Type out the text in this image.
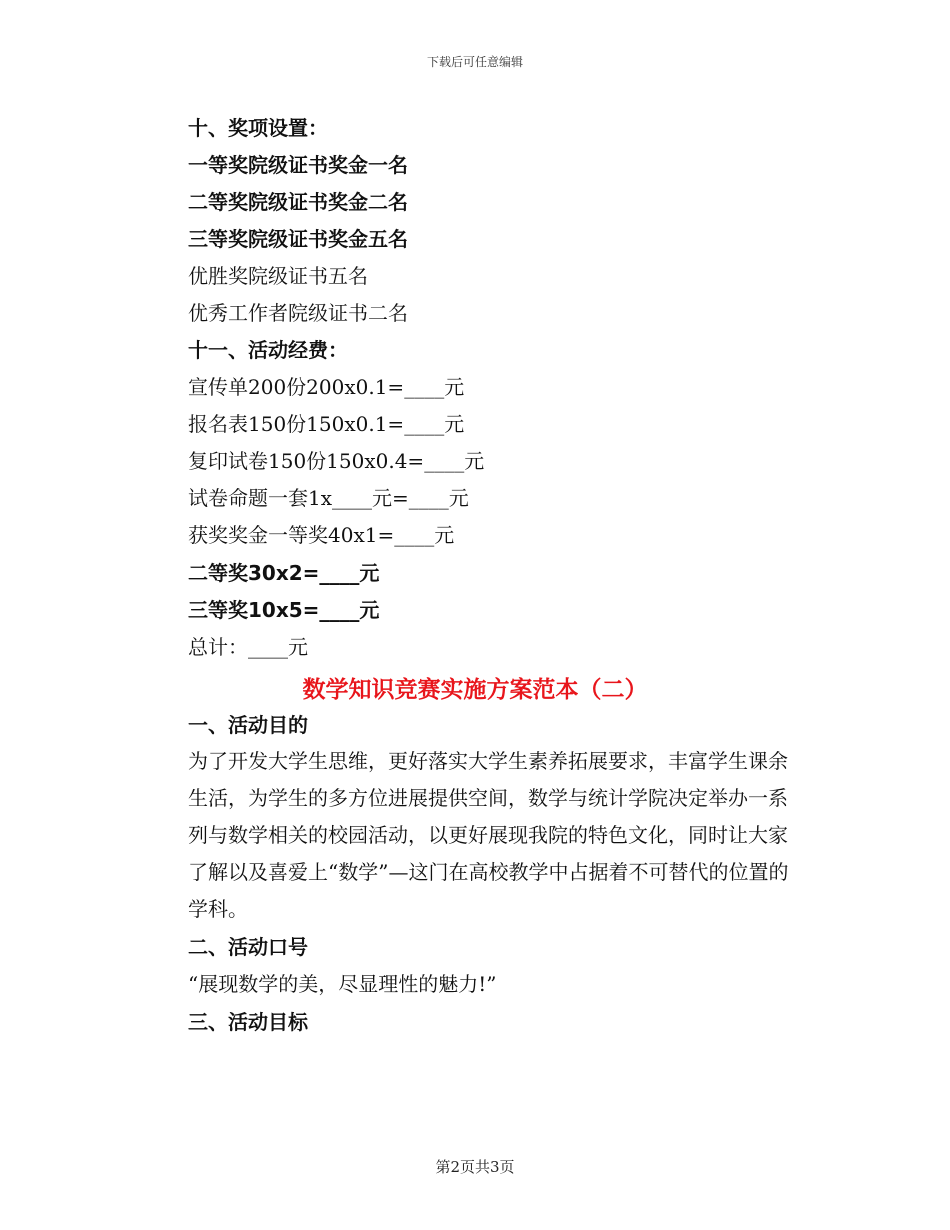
下载后可任意编辑
十、奖项设置：
一等奖院级证书奖金一名
二等奖院级证书奖金二名
三等奖院级证书奖金五名
优胜奖院级证书五名
优秀工作者院级证书二名
十一、活动经费：
宣传单200份200x0.1=____元
报名表150份150x0.1=____元
复印试卷150份150x0.4=____元
试卷命题一套1x____元=____元
获奖奖金一等奖40x1=____元
二等奖30x2=____元
三等奖10x5=____元
总计：____元
数学知识竞赛实施方案范本（二）
一、活动目的
为了开发大学生思维，更好落实大学生素养拓展要求，丰富学生课余生活，为学生的多方位进展提供空间，数学与统计学院决定举办一系列与数学相关的校园活动，以更好展现我院的特色文化，同时让大家了解以及喜爱上“数学”—这门在高校教学中占据着不可替代的位置的学科。
二、活动口号
“展现数学的美，尽显理性的魅力!”
三、活动目标
第2页共3页
